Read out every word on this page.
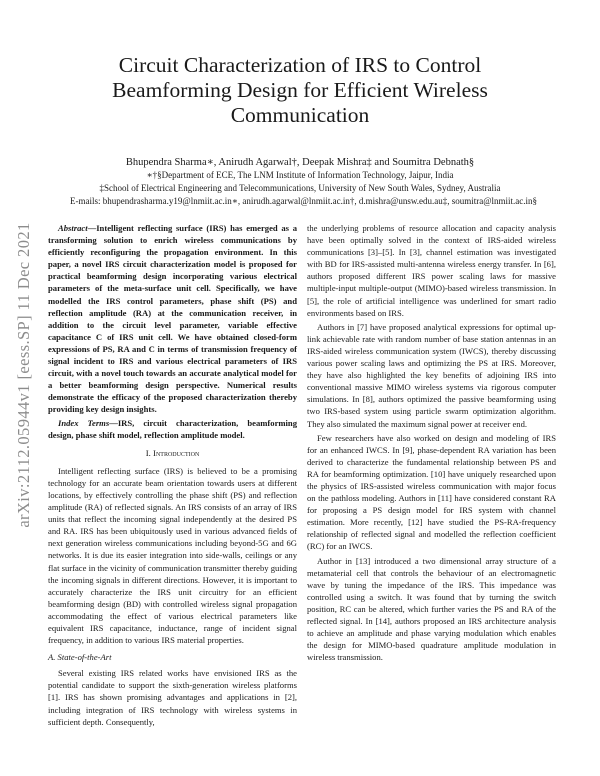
arXiv:2112.05944v1 [eess.SP] 11 Dec 2021
Circuit Characterization of IRS to Control Beamforming Design for Efficient Wireless Communication
Bhupendra Sharma∗, Anirudh Agarwal†, Deepak Mishra‡ and Soumitra Debnath§
∗†§Department of ECE, The LNM Institute of Information Technology, Jaipur, India
‡School of Electrical Engineering and Telecommunications, University of New South Wales, Sydney, Australia
E-mails: bhupendrasharma.y19@lnmiit.ac.in∗, anirudh.agarwal@lnmiit.ac.in†, d.mishra@unsw.edu.au‡, soumitra@lnmiit.ac.in§

Abstract—Intelligent reflecting surface (IRS) has emerged as a transforming solution to enrich wireless communications by efficiently reconfiguring the propagation environment. In this paper, a novel IRS circuit characterization model is proposed for practical beamforming design incorporating various electrical parameters of the meta-surface unit cell. Specifically, we have modelled the IRS control parameters, phase shift (PS) and reflection amplitude (RA) at the communication receiver, in addition to the circuit level parameter, variable effective capacitance C of IRS unit cell. We have obtained closed-form expressions of PS, RA and C in terms of transmission frequency of signal incident to IRS and various electrical parameters of IRS circuit, with a novel touch towards an accurate analytical model for a better beamforming design perspective. Numerical results demonstrate the efficacy of the proposed characterization thereby providing key design insights.

Index Terms—IRS, circuit characterization, beamforming design, phase shift model, reflection amplitude model.

I. Introduction

Intelligent reflecting surface (IRS) is believed to be a promising technology for an accurate beam orientation towards users at different locations, by effectively controlling the phase shift (PS) and reflection amplitude (RA) of reflected signals. An IRS consists of an array of IRS units that reflect the incoming signal independently at the desired PS and RA. IRS has been ubiquitously used in various advanced fields of next generation wireless communications including beyond-5G and 6G networks. It is due its easier integration into side-walls, ceilings or any flat surface in the vicinity of communication transmitter thereby guiding the incoming signals in different directions. However, it is important to accurately characterize the IRS unit circuitry for an efficient beamforming design (BD) with controlled wireless signal propagation accommodating the effect of various electrical parameters like equivalent IRS capacitance, inductance, range of incident signal frequency, in addition to various IRS material properties.

A. State-of-the-Art

Several existing IRS related works have envisioned IRS as the potential candidate to support the sixth-generation wireless platforms [1]. IRS has shown promising advantages and applications in [2], including integration of IRS technology with wireless systems in sufficient depth. Consequently,

the underlying problems of resource allocation and capacity analysis have been optimally solved in the context of IRS-aided wireless communications [3]–[5]. In [3], channel estimation was investigated with BD for IRS-assisted multi-antenna wireless energy transfer. In [6], authors proposed different IRS power scaling laws for massive multiple-input multiple-output (MIMO)-based wireless transmission. In [5], the role of artificial intelligence was underlined for smart radio environments based on IRS.

Authors in [7] have proposed analytical expressions for optimal up-link achievable rate with random number of base station antennas in an IRS-aided wireless communication system (IWCS), thereby discussing various power scaling laws and optimizing the PS at IRS. Moreover, they have also highlighted the key benefits of adjoining IRS into conventional massive MIMO wireless systems via rigorous computer simulations. In [8], authors optimized the passive beamforming using two IRS-based system using particle swarm optimization algorithm. They also simulated the maximum signal power at receiver end.

Few researchers have also worked on design and modeling of IRS for an enhanced IWCS. In [9], phase-dependent RA variation has been derived to characterize the fundamental relationship between PS and RA for beamforming optimization. [10] have uniquely researched upon the physics of IRS-assisted wireless communication with major focus on the pathloss modeling. Authors in [11] have considered constant RA for proposing a PS design model for IRS system with channel estimation. More recently, [12] have studied the PS-RA-frequency relationship of reflected signal and modelled the reflection coefficient (RC) for an IWCS.

Author in [13] introduced a two dimensional array structure of a metamaterial cell that controls the behaviour of an electromagnetic wave by tuning the impedance of the IRS. This impedance was controlled using a switch. It was found that by turning the switch position, RC can be altered, which further varies the PS and RA of the reflected signal. In [14], authors proposed an IRS architecture analysis to achieve an amplitude and phase varying modulation which enables the design for MIMO-based quadrature amplitude modulation in wireless transmission.
